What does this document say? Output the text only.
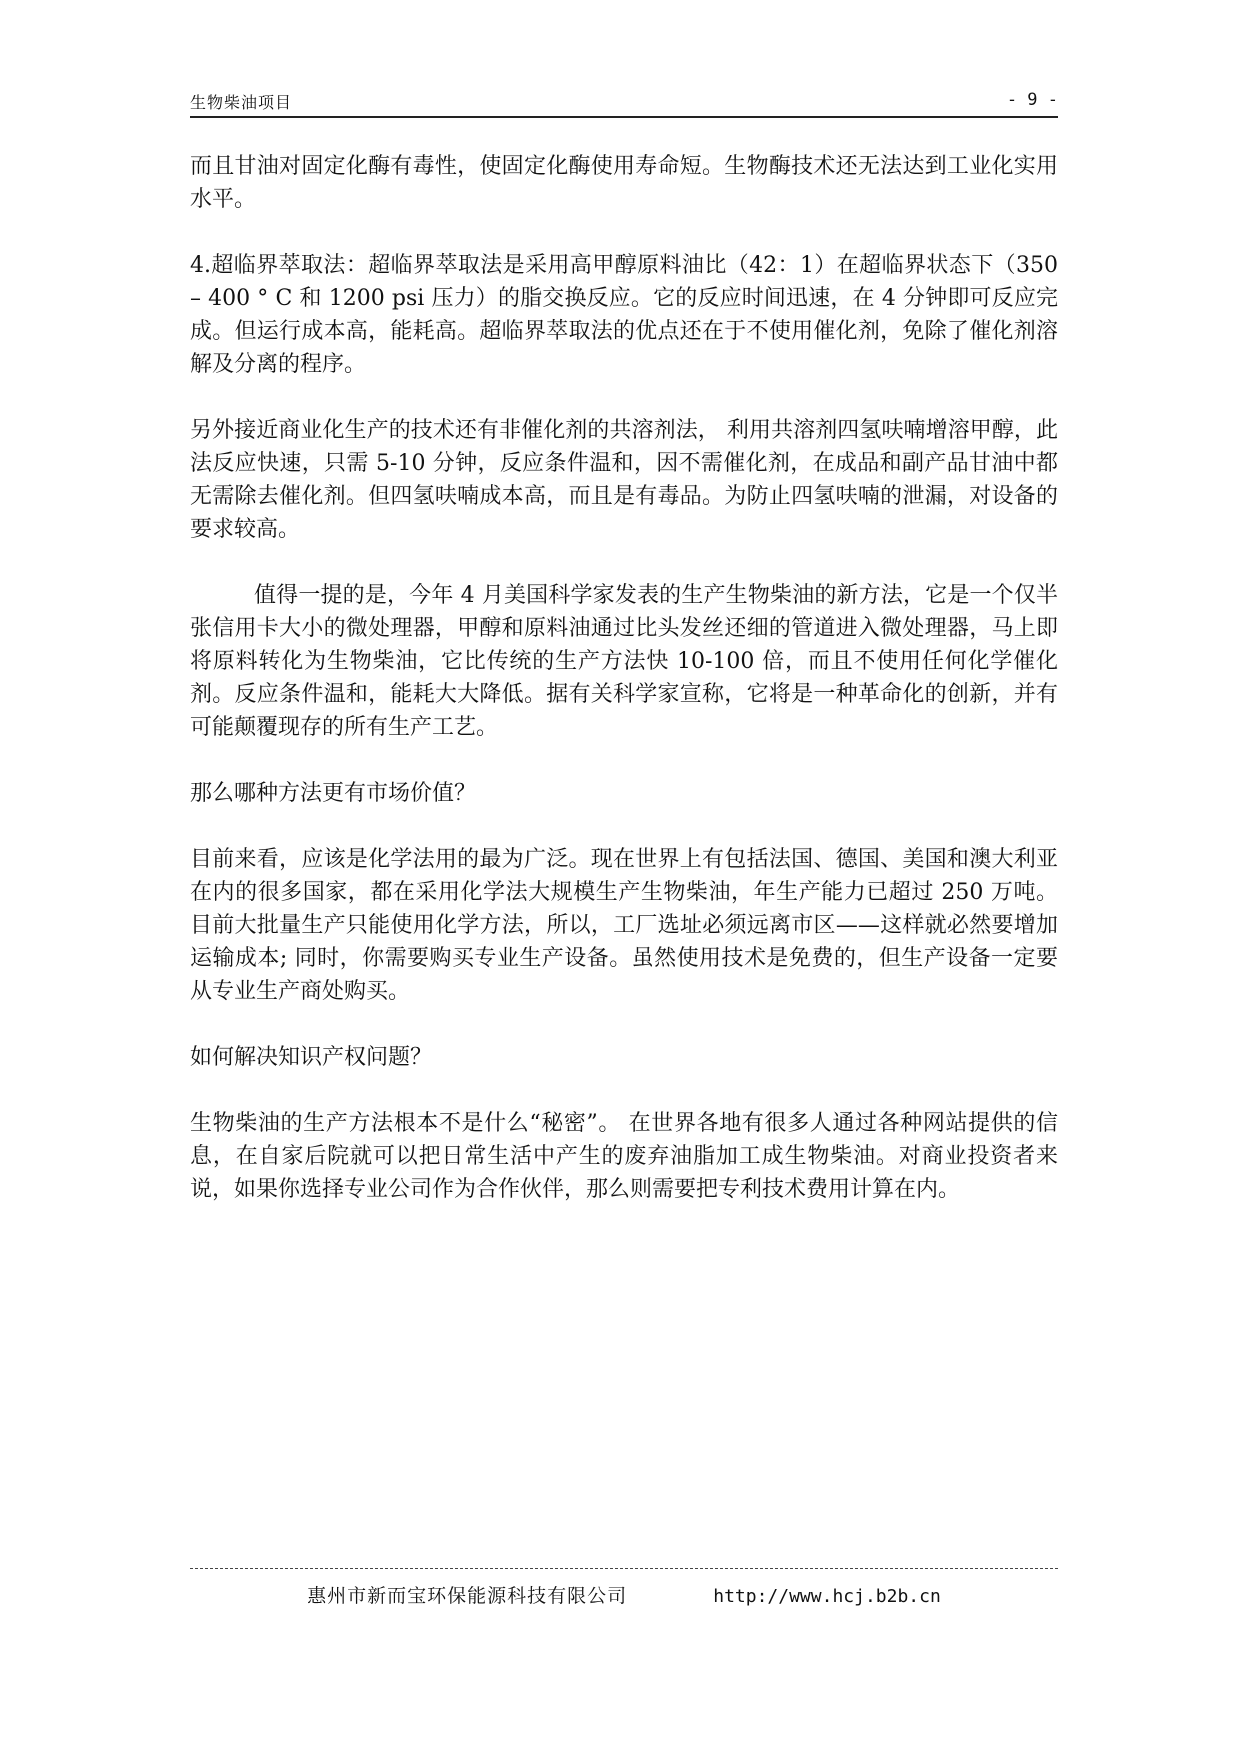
生物柴油项目	- 9 -

而且甘油对固定化酶有毒性，使固定化酶使用寿命短。生物酶技术还无法达到工业化实用水平。

4.超临界萃取法：超临界萃取法是采用高甲醇原料油比（42：1）在超临界状态下（350 – 400 ° C 和 1200 psi 压力）的脂交换反应。它的反应时间迅速，在 4 分钟即可反应完成。但运行成本高，能耗高。超临界萃取法的优点还在于不使用催化剂，免除了催化剂溶解及分离的程序。

另外接近商业化生产的技术还有非催化剂的共溶剂法， 利用共溶剂四氢呋喃增溶甲醇，此法反应快速，只需 5-10 分钟，反应条件温和，因不需催化剂，在成品和副产品甘油中都无需除去催化剂。但四氢呋喃成本高，而且是有毒品。为防止四氢呋喃的泄漏，对设备的要求较高。

值得一提的是，今年 4 月美国科学家发表的生产生物柴油的新方法，它是一个仅半张信用卡大小的微处理器，甲醇和原料油通过比头发丝还细的管道进入微处理器，马上即将原料转化为生物柴油，它比传统的生产方法快 10-100 倍，而且不使用任何化学催化剂。反应条件温和，能耗大大降低。据有关科学家宣称，它将是一种革命化的创新，并有可能颠覆现存的所有生产工艺。

那么哪种方法更有市场价值？

目前来看，应该是化学法用的最为广泛。现在世界上有包括法国、德国、美国和澳大利亚在内的很多国家，都在采用化学法大规模生产生物柴油，年生产能力已超过 250 万吨。目前大批量生产只能使用化学方法，所以，工厂选址必须远离市区——这样就必然要增加运输成本; 同时，你需要购买专业生产设备。虽然使用技术是免费的，但生产设备一定要从专业生产商处购买。

如何解决知识产权问题？

生物柴油的生产方法根本不是什么“秘密”。 在世界各地有很多人通过各种网站提供的信息，在自家后院就可以把日常生活中产生的废弃油脂加工成生物柴油。对商业投资者来说，如果你选择专业公司作为合作伙伴，那么则需要把专利技术费用计算在内。

惠州市新而宝环保能源科技有限公司	http://www.hcj.b2b.cn
